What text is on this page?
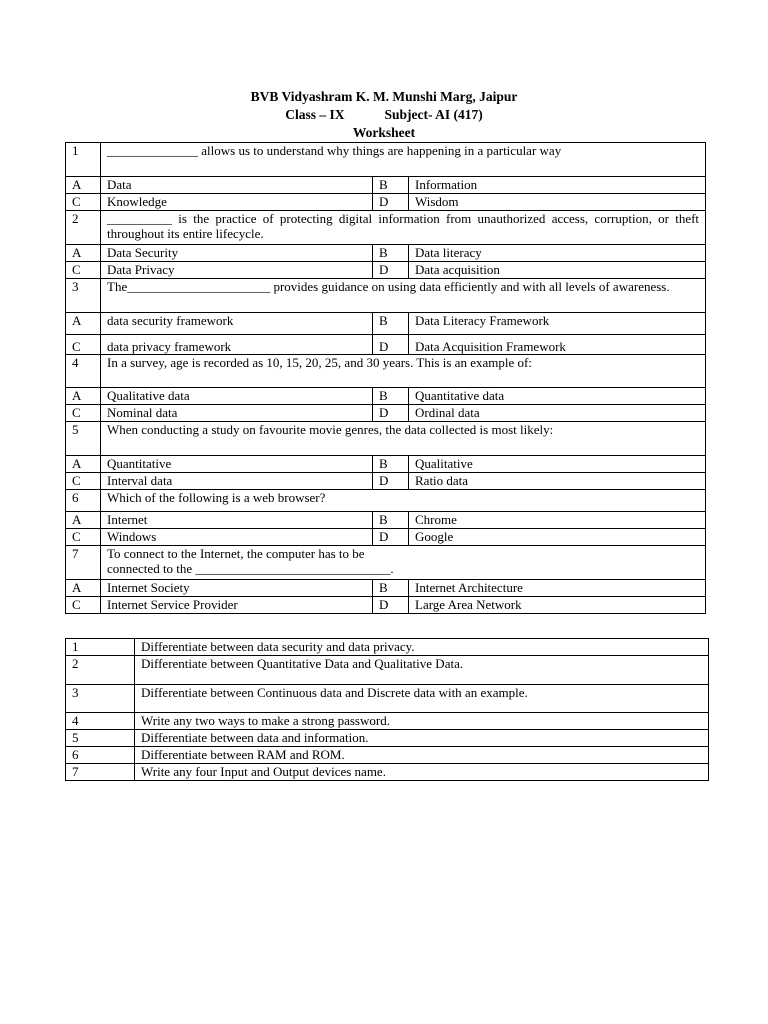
BVB Vidyashram K. M. Munshi Marg, Jaipur
Class – IX	Subject- AI (417)
Worksheet
1	______________ allows us to understand why things are happening in a particular way		
A	Data	B	Information
C	Knowledge	D	Wisdom
2	__________ is the practice of protecting digital information from unauthorized access, corruption, or theft throughout its entire lifecycle.		
A	Data Security	B	Data literacy
C	Data Privacy	D	Data acquisition
3	The______________________ provides guidance on using data efficiently and with all levels of awareness.		
A	data security framework	B	Data Literacy Framework
C	data privacy framework	D	Data Acquisition Framework
4	In a survey, age is recorded as 10, 15, 20, 25, and 30 years. This is an example of:		
A	Qualitative data	B	Quantitative data
C	Nominal data	D	Ordinal data
5	When conducting a study on favourite movie genres, the data collected is most likely:		
A	Quantitative	B	Qualitative
C	Interval data	D	Ratio data
6	Which of the following is a web browser?		
A	Internet	B	Chrome
C	Windows	D	Google
7	To connect to the Internet, the computer has to be
connected to the ______________________________.		

A	Internet Society	B	Internet Architecture
C	Internet Service Provider	D	Large Area Network
1	Differentiate between data security and data privacy.
2	Differentiate between Quantitative Data and Qualitative Data.
3	Differentiate between Continuous data and Discrete data with an example.
4	Write any two ways to make a strong password.
5	Differentiate between data and information.
6	Differentiate between RAM and ROM.
7	Write any four Input and Output devices name.
